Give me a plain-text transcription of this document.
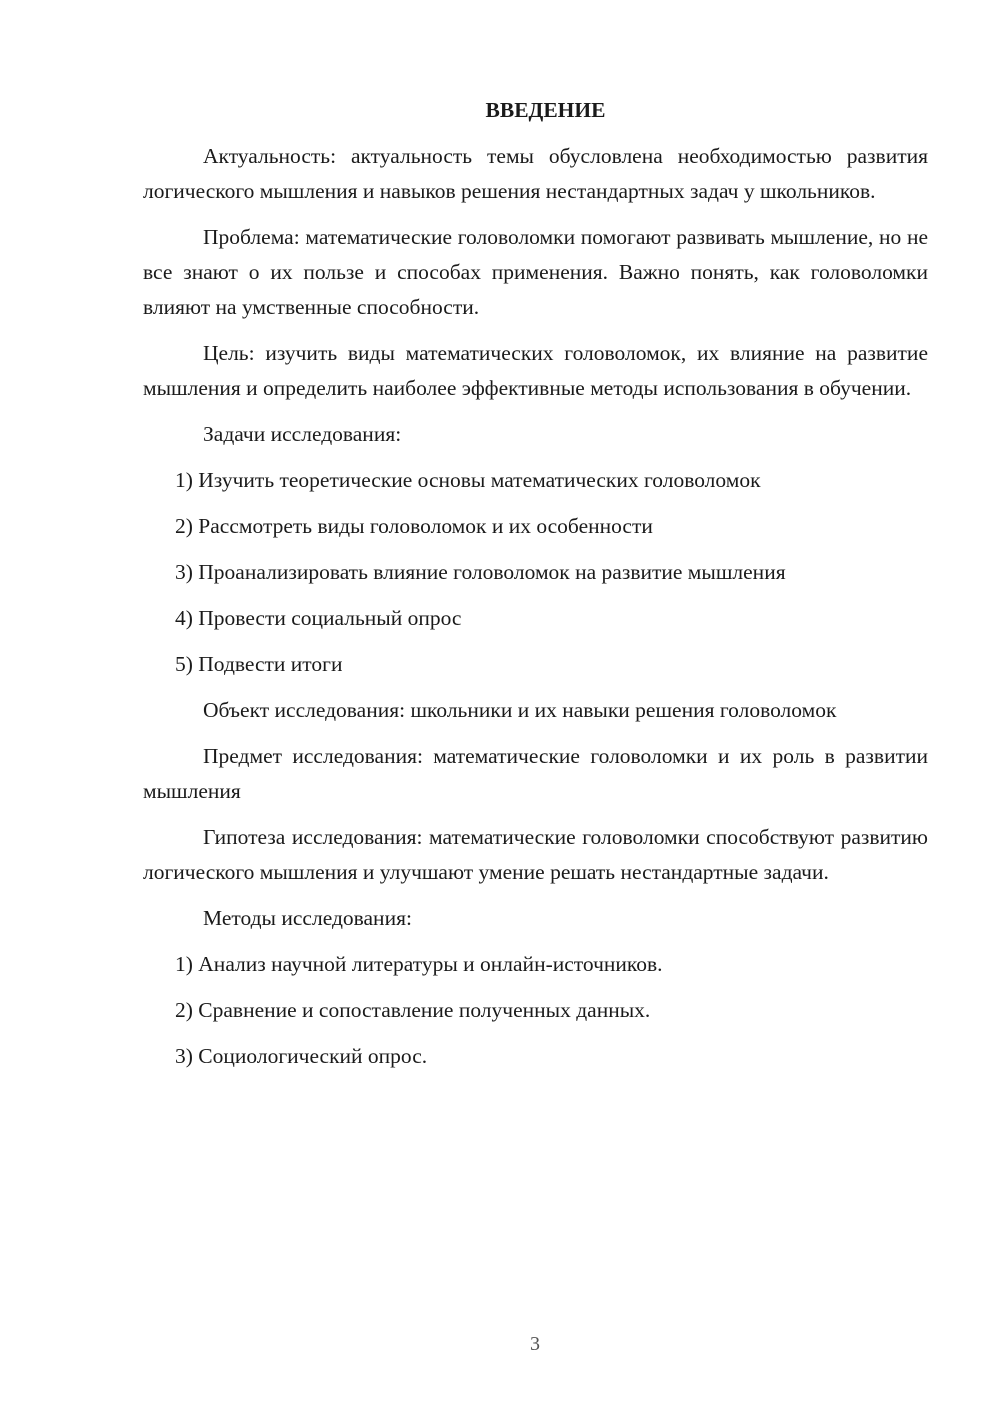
ВВЕДЕНИЕ

Актуальность: актуальность темы обусловлена необходимостью развития логического мышления и навыков решения нестандартных задач у школьников.

Проблема: математические головоломки помогают развивать мышление, но не все знают о их пользе и способах применения. Важно понять, как головоломки влияют на умственные способности.

Цель: изучить виды математических головоломок, их влияние на развитие мышления и определить наиболее эффективные методы использования в обучении.

Задачи исследования:

1) Изучить теоретические основы математических головоломок

2) Рассмотреть виды головоломок и их особенности

3) Проанализировать влияние головоломок на развитие мышления

4) Провести социальный опрос

5) Подвести итоги

Объект исследования: школьники и их навыки решения головоломок

Предмет исследования: математические головоломки и их роль в развитии мышления

Гипотеза исследования: математические головоломки способствуют развитию логического мышления и улучшают умение решать нестандартные задачи.

Методы исследования:

1) Анализ научной литературы и онлайн-источников.

2) Сравнение и сопоставление полученных данных.

3) Социологический опрос.

3
